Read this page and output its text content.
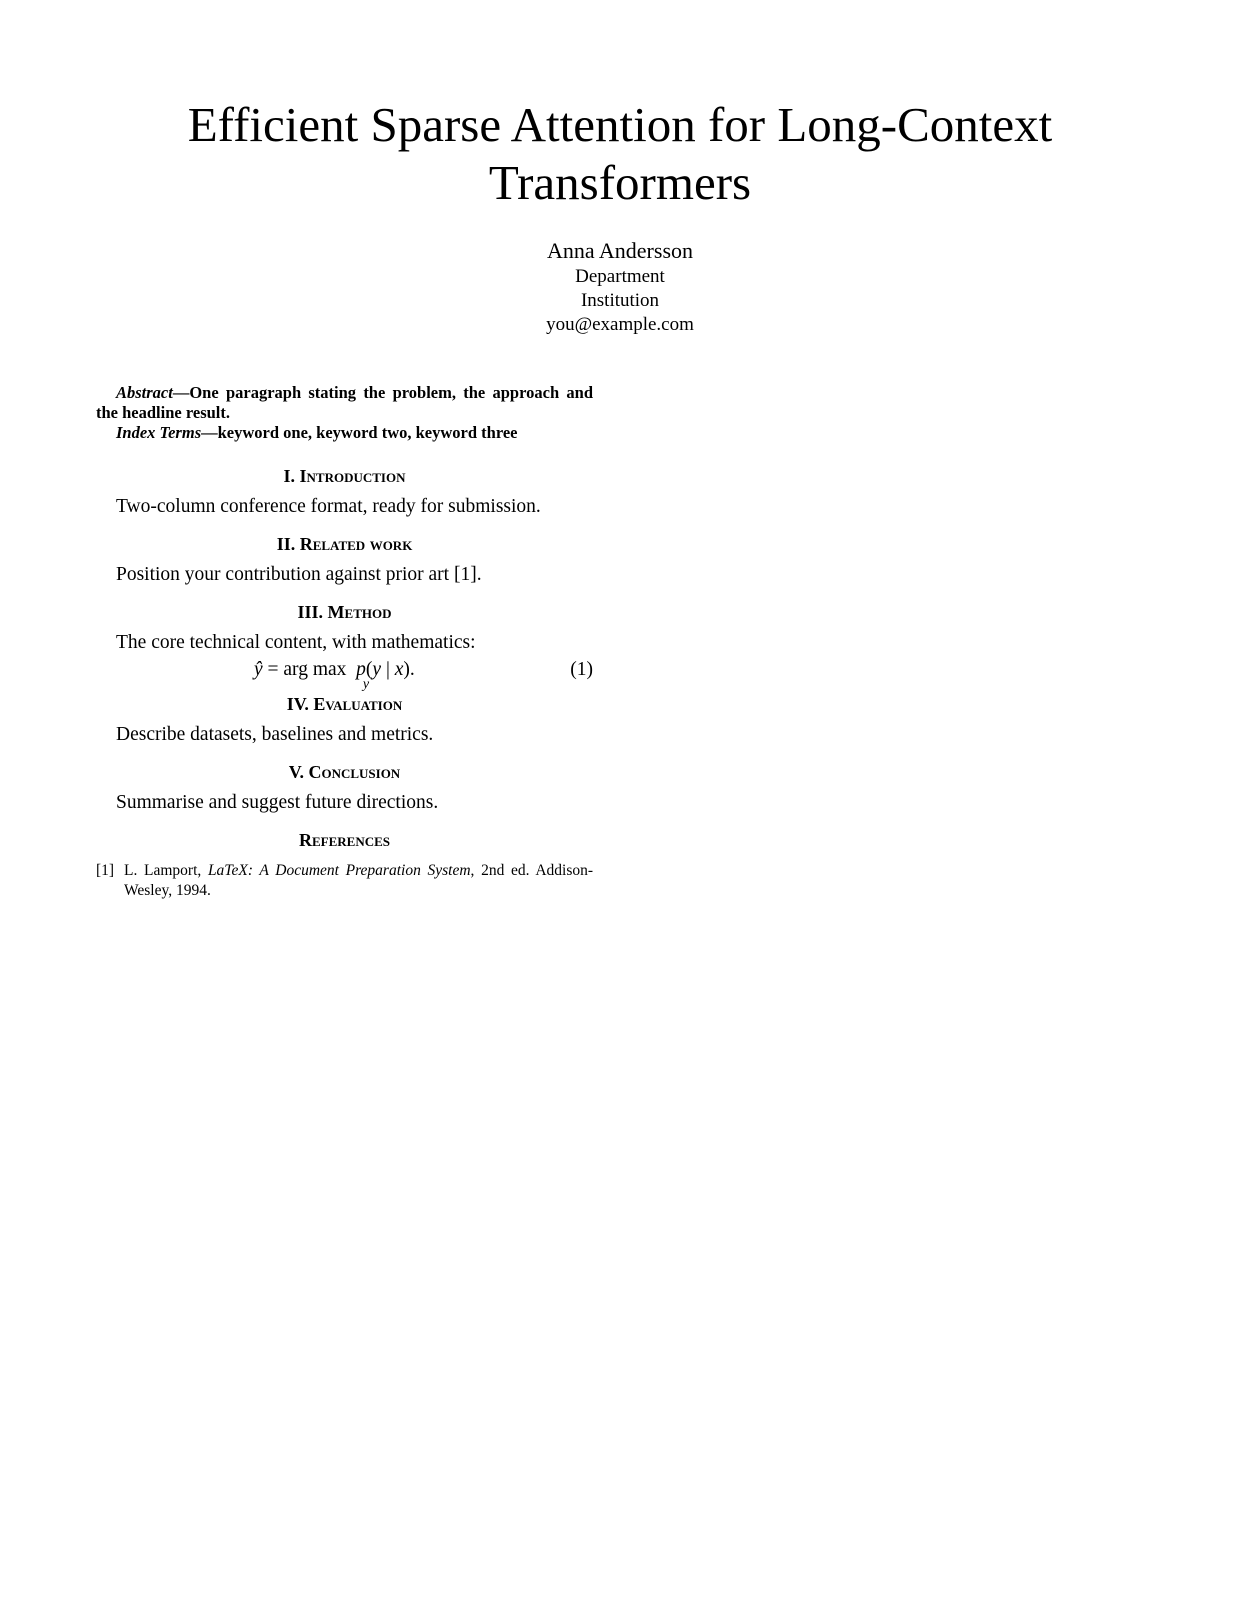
Efficient Sparse Attention for Long-Context Transformers
Anna Andersson
Department
Institution
you@example.com

Abstract—One paragraph stating the problem, the approach and the headline result.

Index Terms—keyword one, keyword two, keyword three

I. Introduction

Two-column conference format, ready for submission.

II. Related work

Position your contribution against prior art [1].

III. Method

The core technical content, with mathematics:

ŷ = arg max
y
p(y | x).	(1)
IV. Evaluation

Describe datasets, baselines and metrics.

V. Conclusion

Summarise and suggest future directions.

References
[1] L. Lamport, LaTeX: A Document Preparation System, 2nd ed. Addison-Wesley, 1994.
